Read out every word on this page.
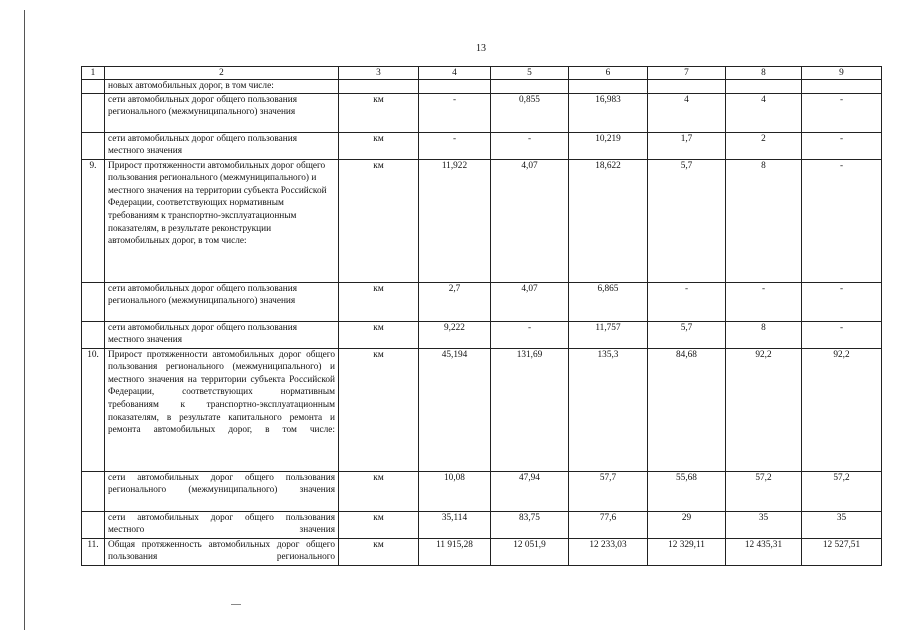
13
1	2	3	4	5	6	7	8	9
	новых автомобильных дорог, в том числе:							
	сети автомобильных дорог общего пользования регионального (межмуниципального) значения	км	-	0,855	16,983	4	4	-
	сети автомобильных дорог общего пользования местного значения	км	-	-	10,219	1,7	2	-
9.	Прирост протяженности автомобильных дорог общего пользования регионального (межмуниципального) и местного значения на территории субъекта Российской Федерации, соответствующих нормативным требованиям к транспортно-эксплуатационным показателям, в результате реконструкции автомобильных дорог, в том числе:	км	11,922	4,07	18,622	5,7	8	-
	сети автомобильных дорог общего пользования регионального (межмуниципального) значения	км	2,7	4,07	6,865	-	-	-
	сети автомобильных дорог общего пользования местного значения	км	9,222	-	11,757	5,7	8	-
10.	Прирост протяженности автомобильных дорог общего пользования регионального (межмуниципального) и местного значения на территории субъекта Российской Федерации, соответствующих нормативным требованиям к транспортно-эксплуатационным показателям, в результате капитального ремонта и ремонта автомобильных дорог, в том числе:	км	45,194	131,69	135,3	84,68	92,2	92,2
	сети автомобильных дорог общего пользования регионального (межмуниципального) значения	км	10,08	47,94	57,7	55,68	57,2	57,2
	сети автомобильных дорог общего пользования местного значения	км	35,114	83,75	77,6	29	35	35
11.	Общая протяженность автомобильных дорог общего пользования регионального	км	11 915,28	12 051,9	12 233,03	12 329,11	12 435,31	12 527,51
